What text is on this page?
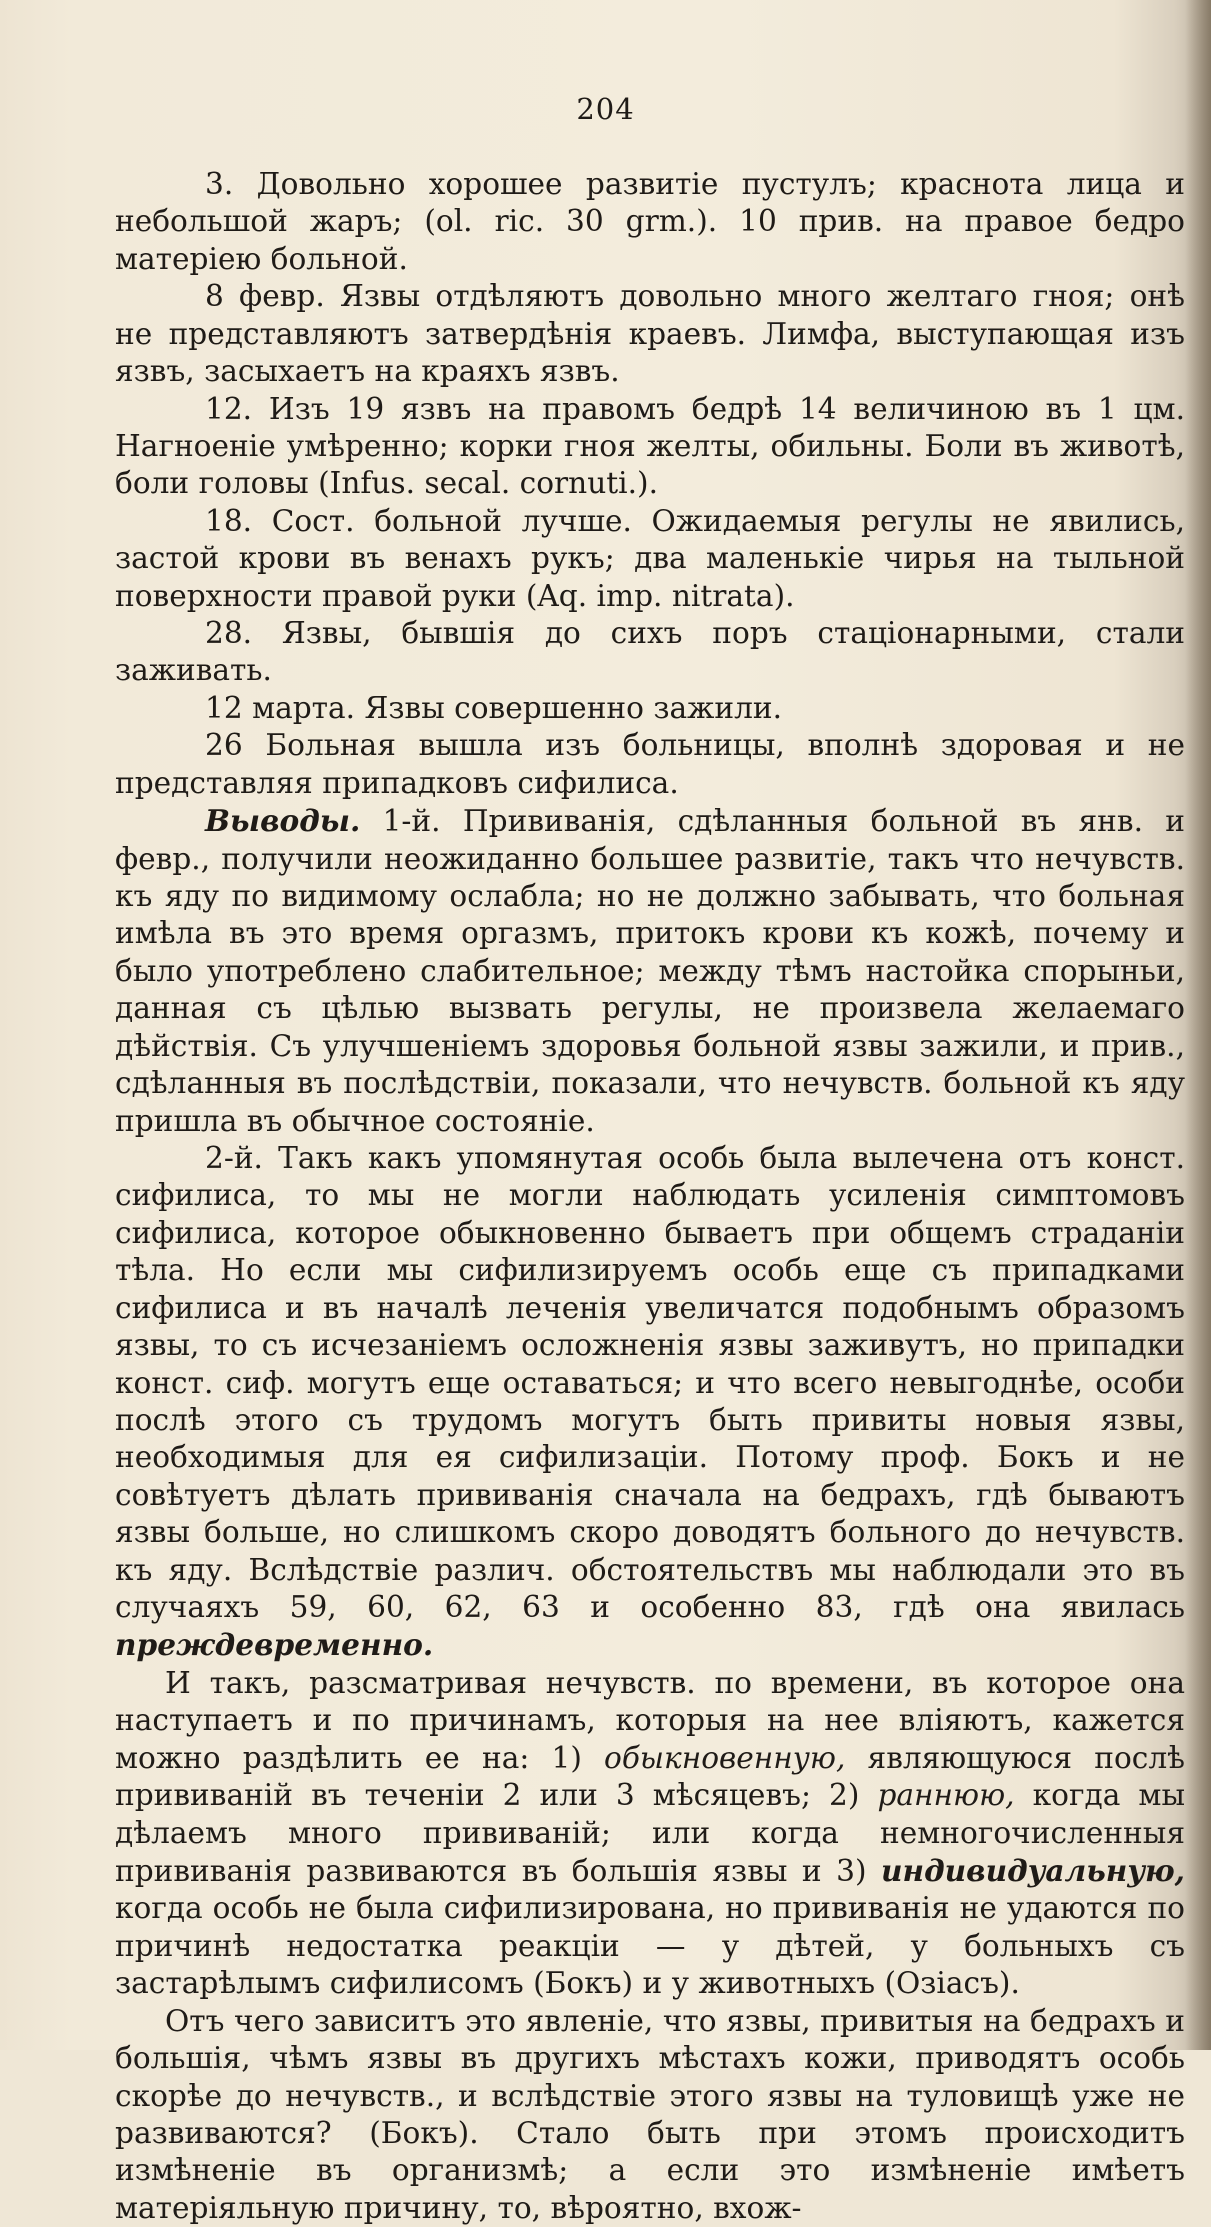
204

3. Довольно хорошее развитіе пустулъ; краснота лица и небольшой жаръ; (ol. ric. 30 grm.). 10 прив. на правое бедро матеріею больной.

8 февр. Язвы отдѣляютъ довольно много желтаго гноя; онѣ не представляютъ затвердѣнія краевъ. Лимфа, выступающая изъ язвъ, засыхаетъ на краяхъ язвъ.

12. Изъ 19 язвъ на правомъ бедрѣ 14 величиною въ 1 цм. Нагноеніе умѣренно; корки гноя желты, обильны. Боли въ животѣ, боли головы (Infus. secal. cornuti.).

18. Сост. больной лучше. Ожидаемыя регулы не явились, застой крови въ венахъ рукъ; два маленькіе чирья на тыльной поверхности правой руки (Aq. imp. nitrata).

28. Язвы, бывшія до сихъ поръ стаціонарными, стали заживать.

12 марта. Язвы совершенно зажили.

26 Больная вышла изъ больницы, вполнѣ здоровая и не представляя припадковъ сифилиса.

Выводы. 1-й. Прививанія, сдѣланныя больной въ янв. и февр., получили неожиданно большее развитіе, такъ что нечувств. къ яду по видимому ослабла; но не должно забывать, что больная имѣла въ это время оргазмъ, притокъ крови къ кожѣ, почему и было употреблено слабительное; между тѣмъ настойка спорыньи, данная съ цѣлью вызвать регулы, не произвела желаемаго дѣйствія. Съ улучшеніемъ здоровья больной язвы зажили, и прив., сдѣланныя въ послѣдствіи, показали, что нечувств. больной къ яду пришла въ обычное состояніе.

2-й. Такъ какъ упомянутая особь была вылечена отъ конст. сифилиса, то мы не могли наблюдать усиленія симптомовъ сифилиса, которое обыкновенно бываетъ при общемъ страданіи тѣла. Но если мы сифилизируемъ особь еще съ припадками сифилиса и въ началѣ леченія увеличатся подобнымъ образомъ язвы, то съ исчезаніемъ осложненія язвы заживутъ, но припадки конст. сиф. могутъ еще оставаться; и что всего невыгоднѣе, особи послѣ этого съ трудомъ могутъ быть привиты новыя язвы, необходимыя для ея сифилизаціи. Потому проф. Бокъ и не совѣтуетъ дѣлать прививанія сначала на бедрахъ, гдѣ бываютъ язвы больше, но слишкомъ скоро доводятъ больного до нечувств. къ яду. Вслѣдствіе различ. обстоятельствъ мы наблюдали это въ случаяхъ 59, 60, 62, 63 и особенно 83, гдѣ она явилась преждевременно.

И такъ, разсматривая нечувств. по времени, въ которое она наступаетъ и по причинамъ, которыя на нее вліяютъ, кажется можно раздѣлить ее на: 1) обыкновенную, являющуюся послѣ прививаній въ теченіи 2 или 3 мѣсяцевъ; 2) раннюю, когда мы дѣлаемъ много прививаній; или когда немногочисленныя прививанія развиваются въ большія язвы и 3) индивидуальную, когда особь не была сифилизирована, но прививанія не удаются по причинѣ недостатка реакціи — у дѣтей, у больныхъ съ застарѣлымъ сифилисомъ (Бокъ) и у животныхъ (Озіасъ).

Отъ чего зависитъ это явленіе, что язвы, привитыя на бедрахъ и большія, чѣмъ язвы въ другихъ мѣстахъ кожи, приводятъ особь скорѣе до нечувств., и вслѣдствіе этого язвы на туловищѣ уже не развиваются? (Бокъ). Стало быть при этомъ происходитъ измѣненіе въ организмѣ; а если это измѣненіе имѣетъ матеріяльную причину, то, вѣроятно, вхож-
